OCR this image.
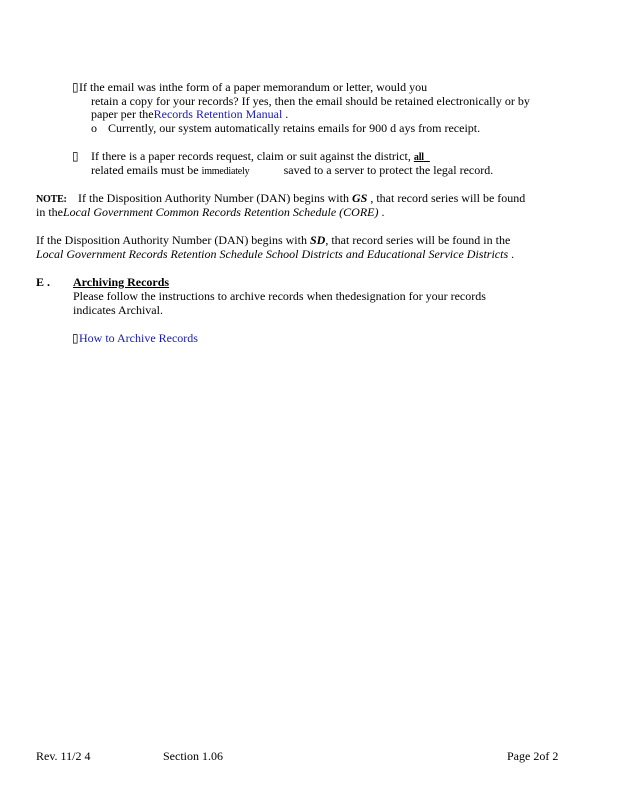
▯If the email was inthe form of a paper memorandum or letter, would you
retain a copy for your records? If yes, then the email should be retained electronically or by
paper per theRecords Retention Manual .
o Currently, our system automatically retains emails for 900 d ays from receipt.
▯ If there is a paper records request, claim or suit against the district, all
related emails must be immediately	saved to a server to protect the legal record.
NOTE: If the Disposition Authority Number (DAN) begins with GS , that record series will be found
in theLocal Government Common Records Retention Schedule (CORE) .
If the Disposition Authority Number (DAN) begins with SD, that record series will be found in the
Local Government Records Retention Schedule School Districts and Educational Service Districts .
E . Archiving Records
Please follow the instructions to archive records when thedesignation for your records
indicates Archival.
▯How to Archive Records
Rev. 11/2 4	Section 1.06	Page 2of 2
